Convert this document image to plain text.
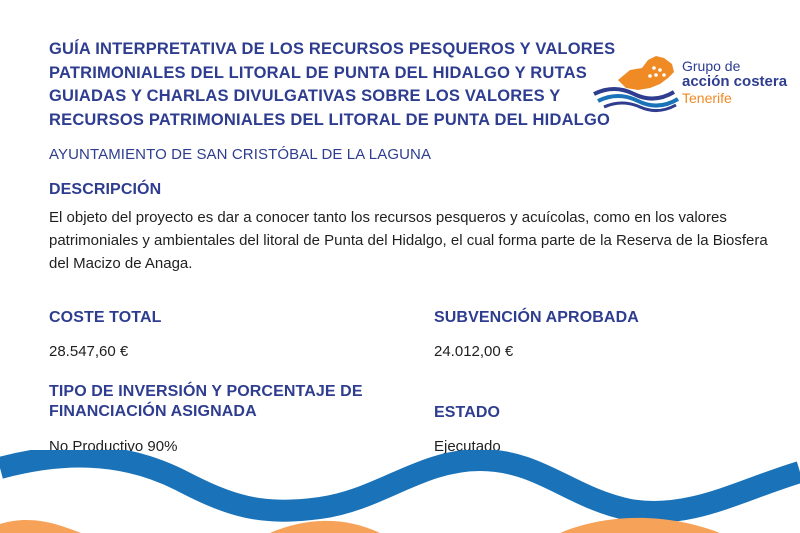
GUÍA INTERPRETATIVA DE LOS RECURSOS PESQUEROS Y VALORES PATRIMONIALES DEL LITORAL DE PUNTA DEL HIDALGO Y RUTAS GUIADAS Y CHARLAS DIVULGATIVAS SOBRE LOS VALORES Y RECURSOS PATRIMONIALES DEL LITORAL DE PUNTA DEL HIDALGO
AYUNTAMIENTO DE SAN CRISTÓBAL DE LA LAGUNA
Grupo de
acción costera
Tenerife
DESCRIPCIÓN
El objeto del proyecto es dar a conocer tanto los recursos pesqueros y acuícolas, como en los valores patrimoniales y ambientales del litoral de Punta del Hidalgo, el cual forma parte de la Reserva de la Biosfera del Macizo de Anaga.
COSTE TOTAL
28.547,60 €
SUBVENCIÓN APROBADA
24.012,00 €
TIPO DE INVERSIÓN Y PORCENTAJE DE FINANCIACIÓN ASIGNADA
No Productivo 90%
ESTADO
Ejecutado
